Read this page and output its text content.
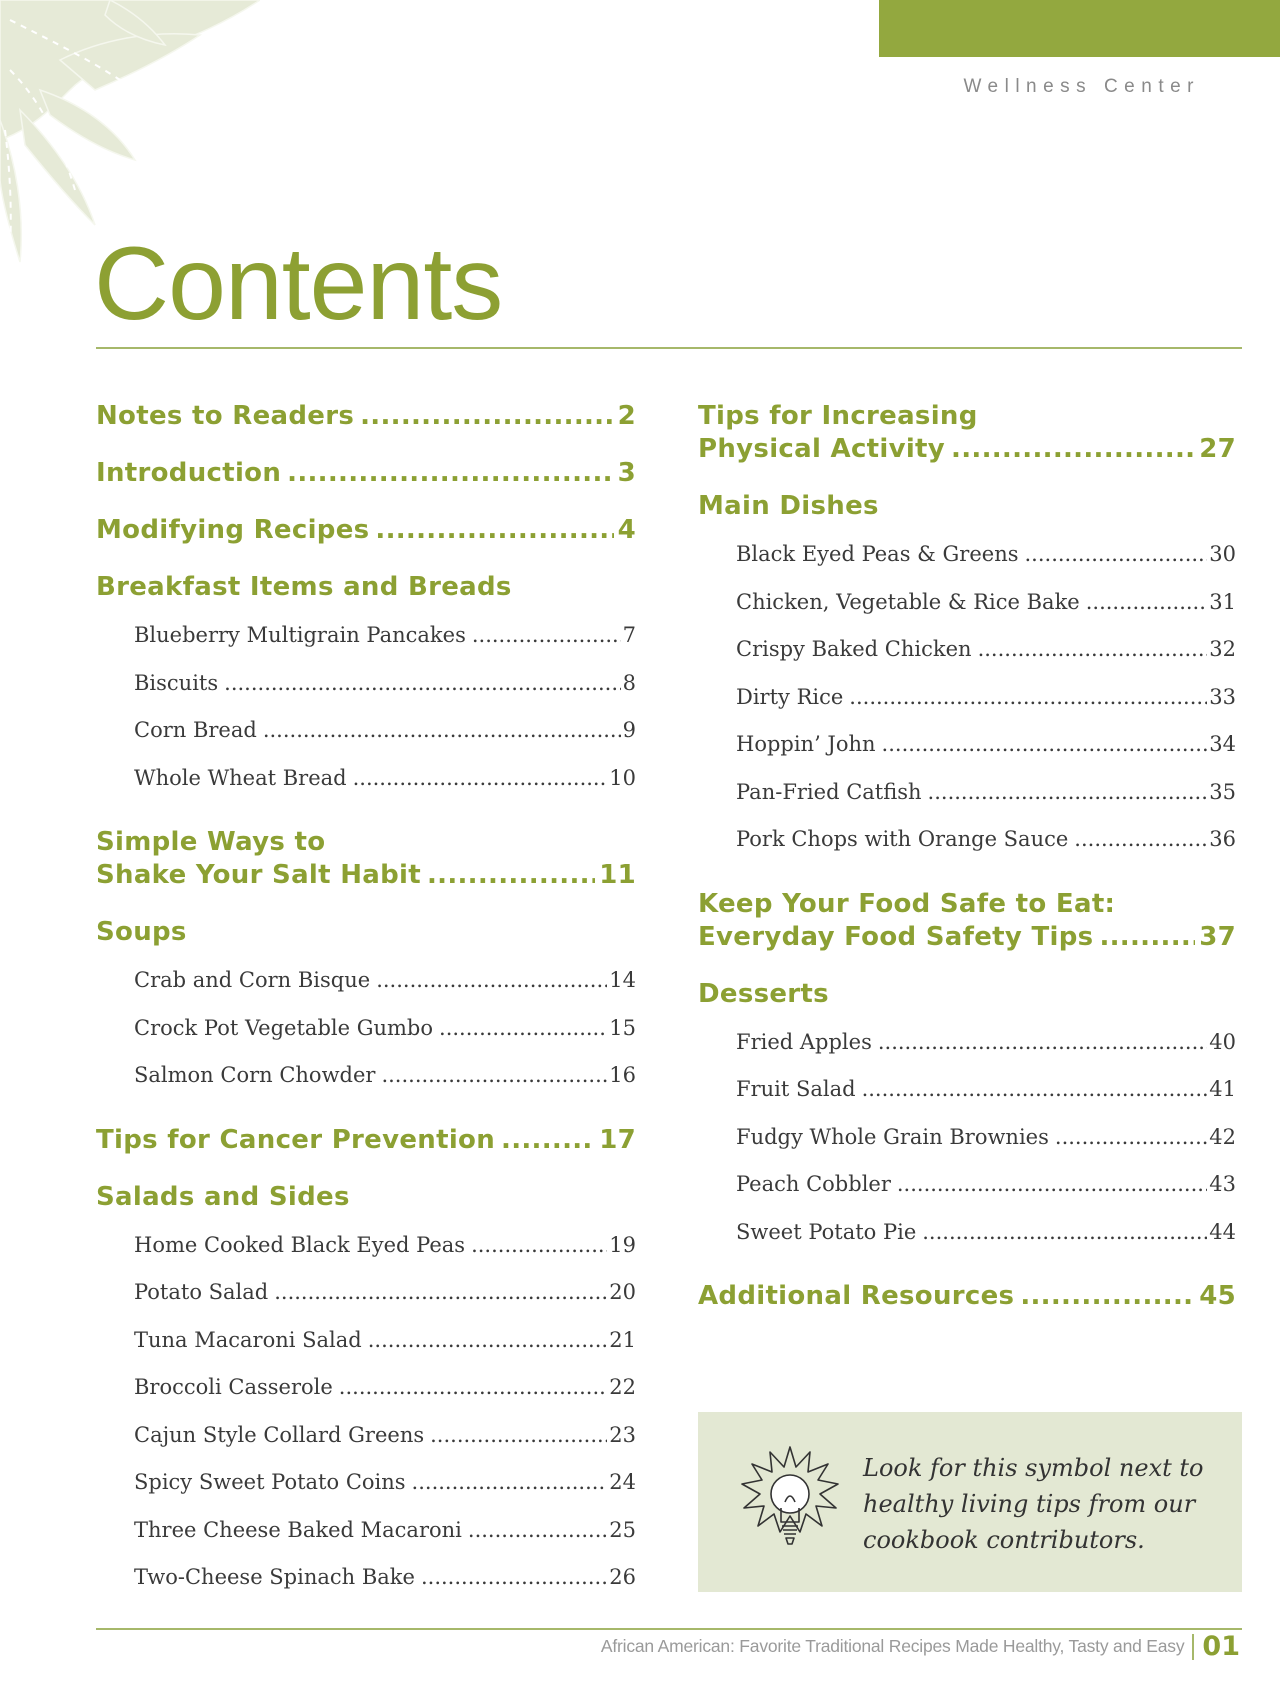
Wellness Center
Contents
Notes to Readers .....	2
Introduction .....	3
Modifying Recipes .....	4
Breakfast Items and Breads
Blueberry Multigrain Pancakes .....	7
Biscuits .....	8
Corn Bread .....	9
Whole Wheat Bread .....	10
Simple Ways to
Shake Your Salt Habit .....	11
Soups
Crab and Corn Bisque .....	14
Crock Pot Vegetable Gumbo .....	15
Salmon Corn Chowder .....	16
Tips for Cancer Prevention .....	17
Salads and Sides
Home Cooked Black Eyed Peas .....	19
Potato Salad .....	20
Tuna Macaroni Salad .....	21
Broccoli Casserole .....	22
Cajun Style Collard Greens .....	23
Spicy Sweet Potato Coins .....	24
Three Cheese Baked Macaroni .....	25
Two-Cheese Spinach Bake .....	26
Tips for Increasing
Physical Activity .....	27
Main Dishes
Black Eyed Peas & Greens .....	30
Chicken, Vegetable & Rice Bake .....	31
Crispy Baked Chicken .....	32
Dirty Rice .....	33
Hoppin’ John .....	34
Pan-Fried Catfish .....	35
Pork Chops with Orange Sauce .....	36
Keep Your Food Safe to Eat:
Everyday Food Safety Tips .....	37
Desserts
Fried Apples .....	40
Fruit Salad .....	41
Fudgy Whole Grain Brownies .....	42
Peach Cobbler .....	43
Sweet Potato Pie .....	44
Additional Resources .....	45
Look for this symbol next to
healthy living tips from our
cookbook contributors.
African American: Favorite Traditional Recipes Made Healthy, Tasty and Easy 01
